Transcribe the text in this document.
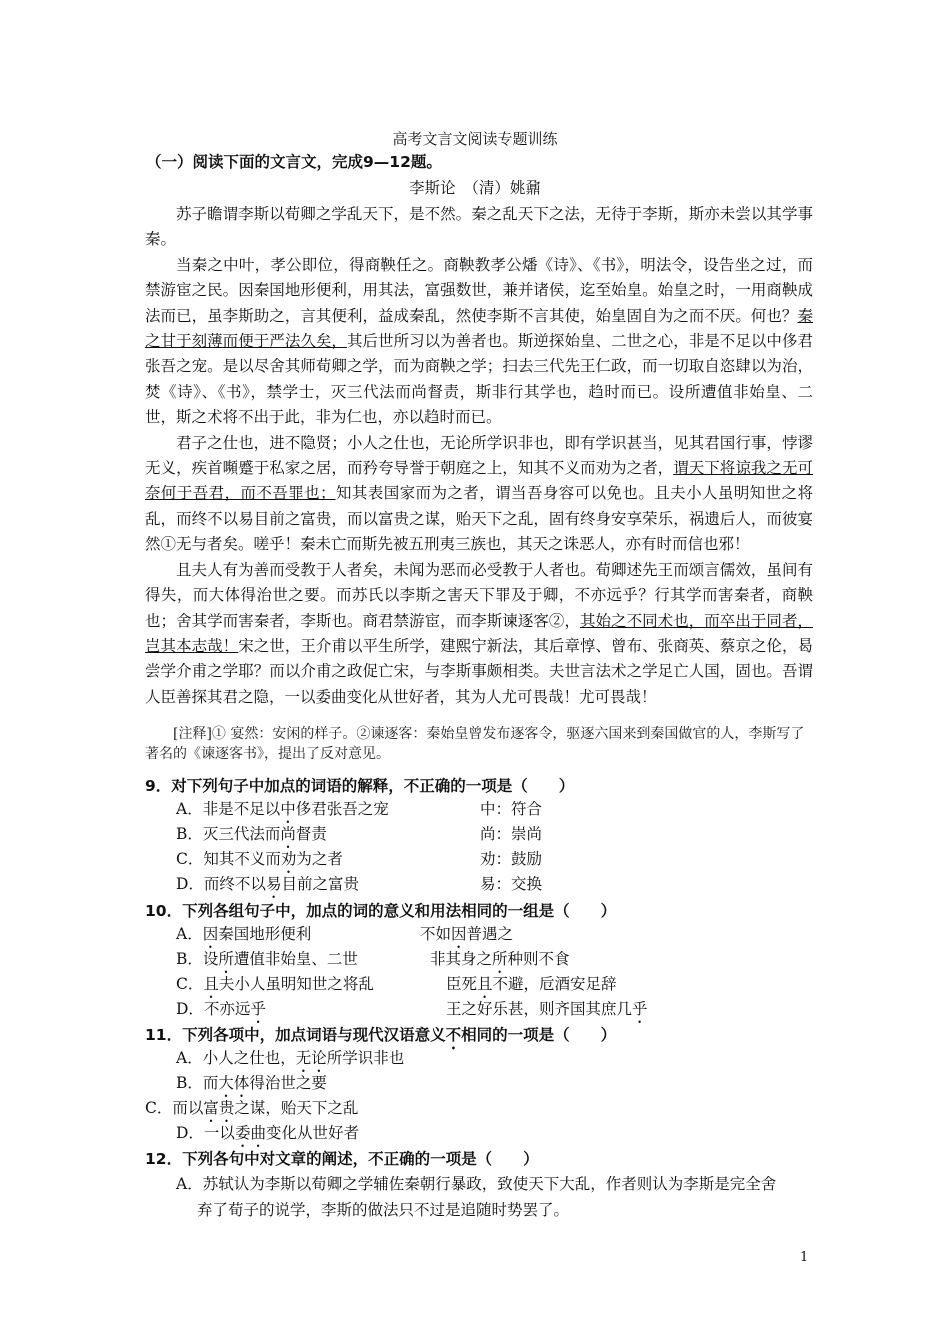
高考文言文阅读专题训练
（一）阅读下面的文言文，完成9—12题。
李斯论　（清）姚鼐

苏子瞻谓李斯以荀卿之学乱天下，是不然。秦之乱天下之法，无待于李斯，斯亦未尝以其学事秦。

当秦之中叶，孝公即位，得商鞅任之。商鞅教孝公燔《诗》、《书》，明法令，设告坐之过，而禁游宦之民。因秦国地形便利，用其法，富强数世，兼并诸侯，迄至始皇。始皇之时，一用商鞅成法而已，虽李斯助之，言其便利，益成秦乱，然使李斯不言其使，始皇固自为之而不厌。何也？秦之甘于刻薄而便于严法久矣，其后世所习以为善者也。斯逆探始皇、二世之心，非是不足以中侈君张吾之宠。是以尽舍其师荀卿之学，而为商鞅之学；扫去三代先王仁政，而一切取自恣肆以为治，焚《诗》、《书》，禁学士，灭三代法而尚督责，斯非行其学也，趋时而已。设所遭值非始皇、二世，斯之术将不出于此，非为仁也，亦以趋时而已。

君子之仕也，进不隐贤；小人之仕也，无论所学识非也，即有学识甚当，见其君国行事，悖谬无义，疾首嚬蹙于私家之居，而矜夸导誉于朝庭之上，知其不义而劝为之者，谓天下将谅我之无可奈何于吾君，而不吾罪也；知其表国家而为之者，谓当吾身容可以免也。且夫小人虽明知世之将乱，而终不以易目前之富贵，而以富贵之谋，贻天下之乱，固有终身安享荣乐，祸遗后人，而彼宴然①无与者矣。嗟乎！秦未亡而斯先被五刑夷三族也，其天之诛恶人，亦有时而信也邪！

且夫人有为善而受教于人者矣，未闻为恶而必受教于人者也。荀卿述先王而颂言儒效，虽间有得失，而大体得治世之要。而苏氏以李斯之害天下罪及于卿，不亦远乎？行其学而害秦者，商鞅也；舍其学而害秦者，李斯也。商君禁游宦，而李斯谏逐客②，其始之不同术也，而卒出于同者，岂其本志哉！宋之世，王介甫以平生所学，建熙宁新法，其后章惇、曾布、张商英、蔡京之伦，曷尝学介甫之学耶？而以介甫之政促亡宋，与李斯事颇相类。夫世言法术之学足亡人国，固也。吾谓人臣善探其君之隐，一以委曲变化从世好者，其为人尤可畏哉！尤可畏哉！

[注释]① 宴然：安闲的样子。②谏逐客：秦始皇曾发布逐客令，驱逐六国来到秦国做官的人，李斯写了著名的《谏逐客书》，提出了反对意见。

9．对下列句子中加点的词语的解释，不正确的一项是（　　）
A．非是不足以中侈君张吾之宠	中：符合
B．灭三代法而尚督责	尚：崇尚
C．知其不义而劝为之者	劝：鼓励
D．而终不以易目前之富贵	易：交换
10．下列各组句子中，加点的词的意义和用法相同的一组是（　　）
A．因秦国地形便利	不如因普遇之
B．设所遭值非始皇、二世	非其身之所种则不食
C．且夫小人虽明知世之将乱	臣死且不避，卮酒安足辞
D．不亦远乎	王之好乐甚，则齐国其庶几乎
11．下列各项中，加点词语与现代汉语意义不相同的一项是（　　）
A．小人之仕也，无论所学识非也
B．而大体得治世之要
C．而以富贵之谋，贻天下之乱
D．一以委曲变化从世好者
12．下列各句中对文章的阐述，不正确的一项是（　　）
A．苏轼认为李斯以荀卿之学辅佐秦朝行暴政，致使天下大乱，作者则认为李斯是完全舍
弃了荀子的说学，李斯的做法只不过是追随时势罢了。
1
